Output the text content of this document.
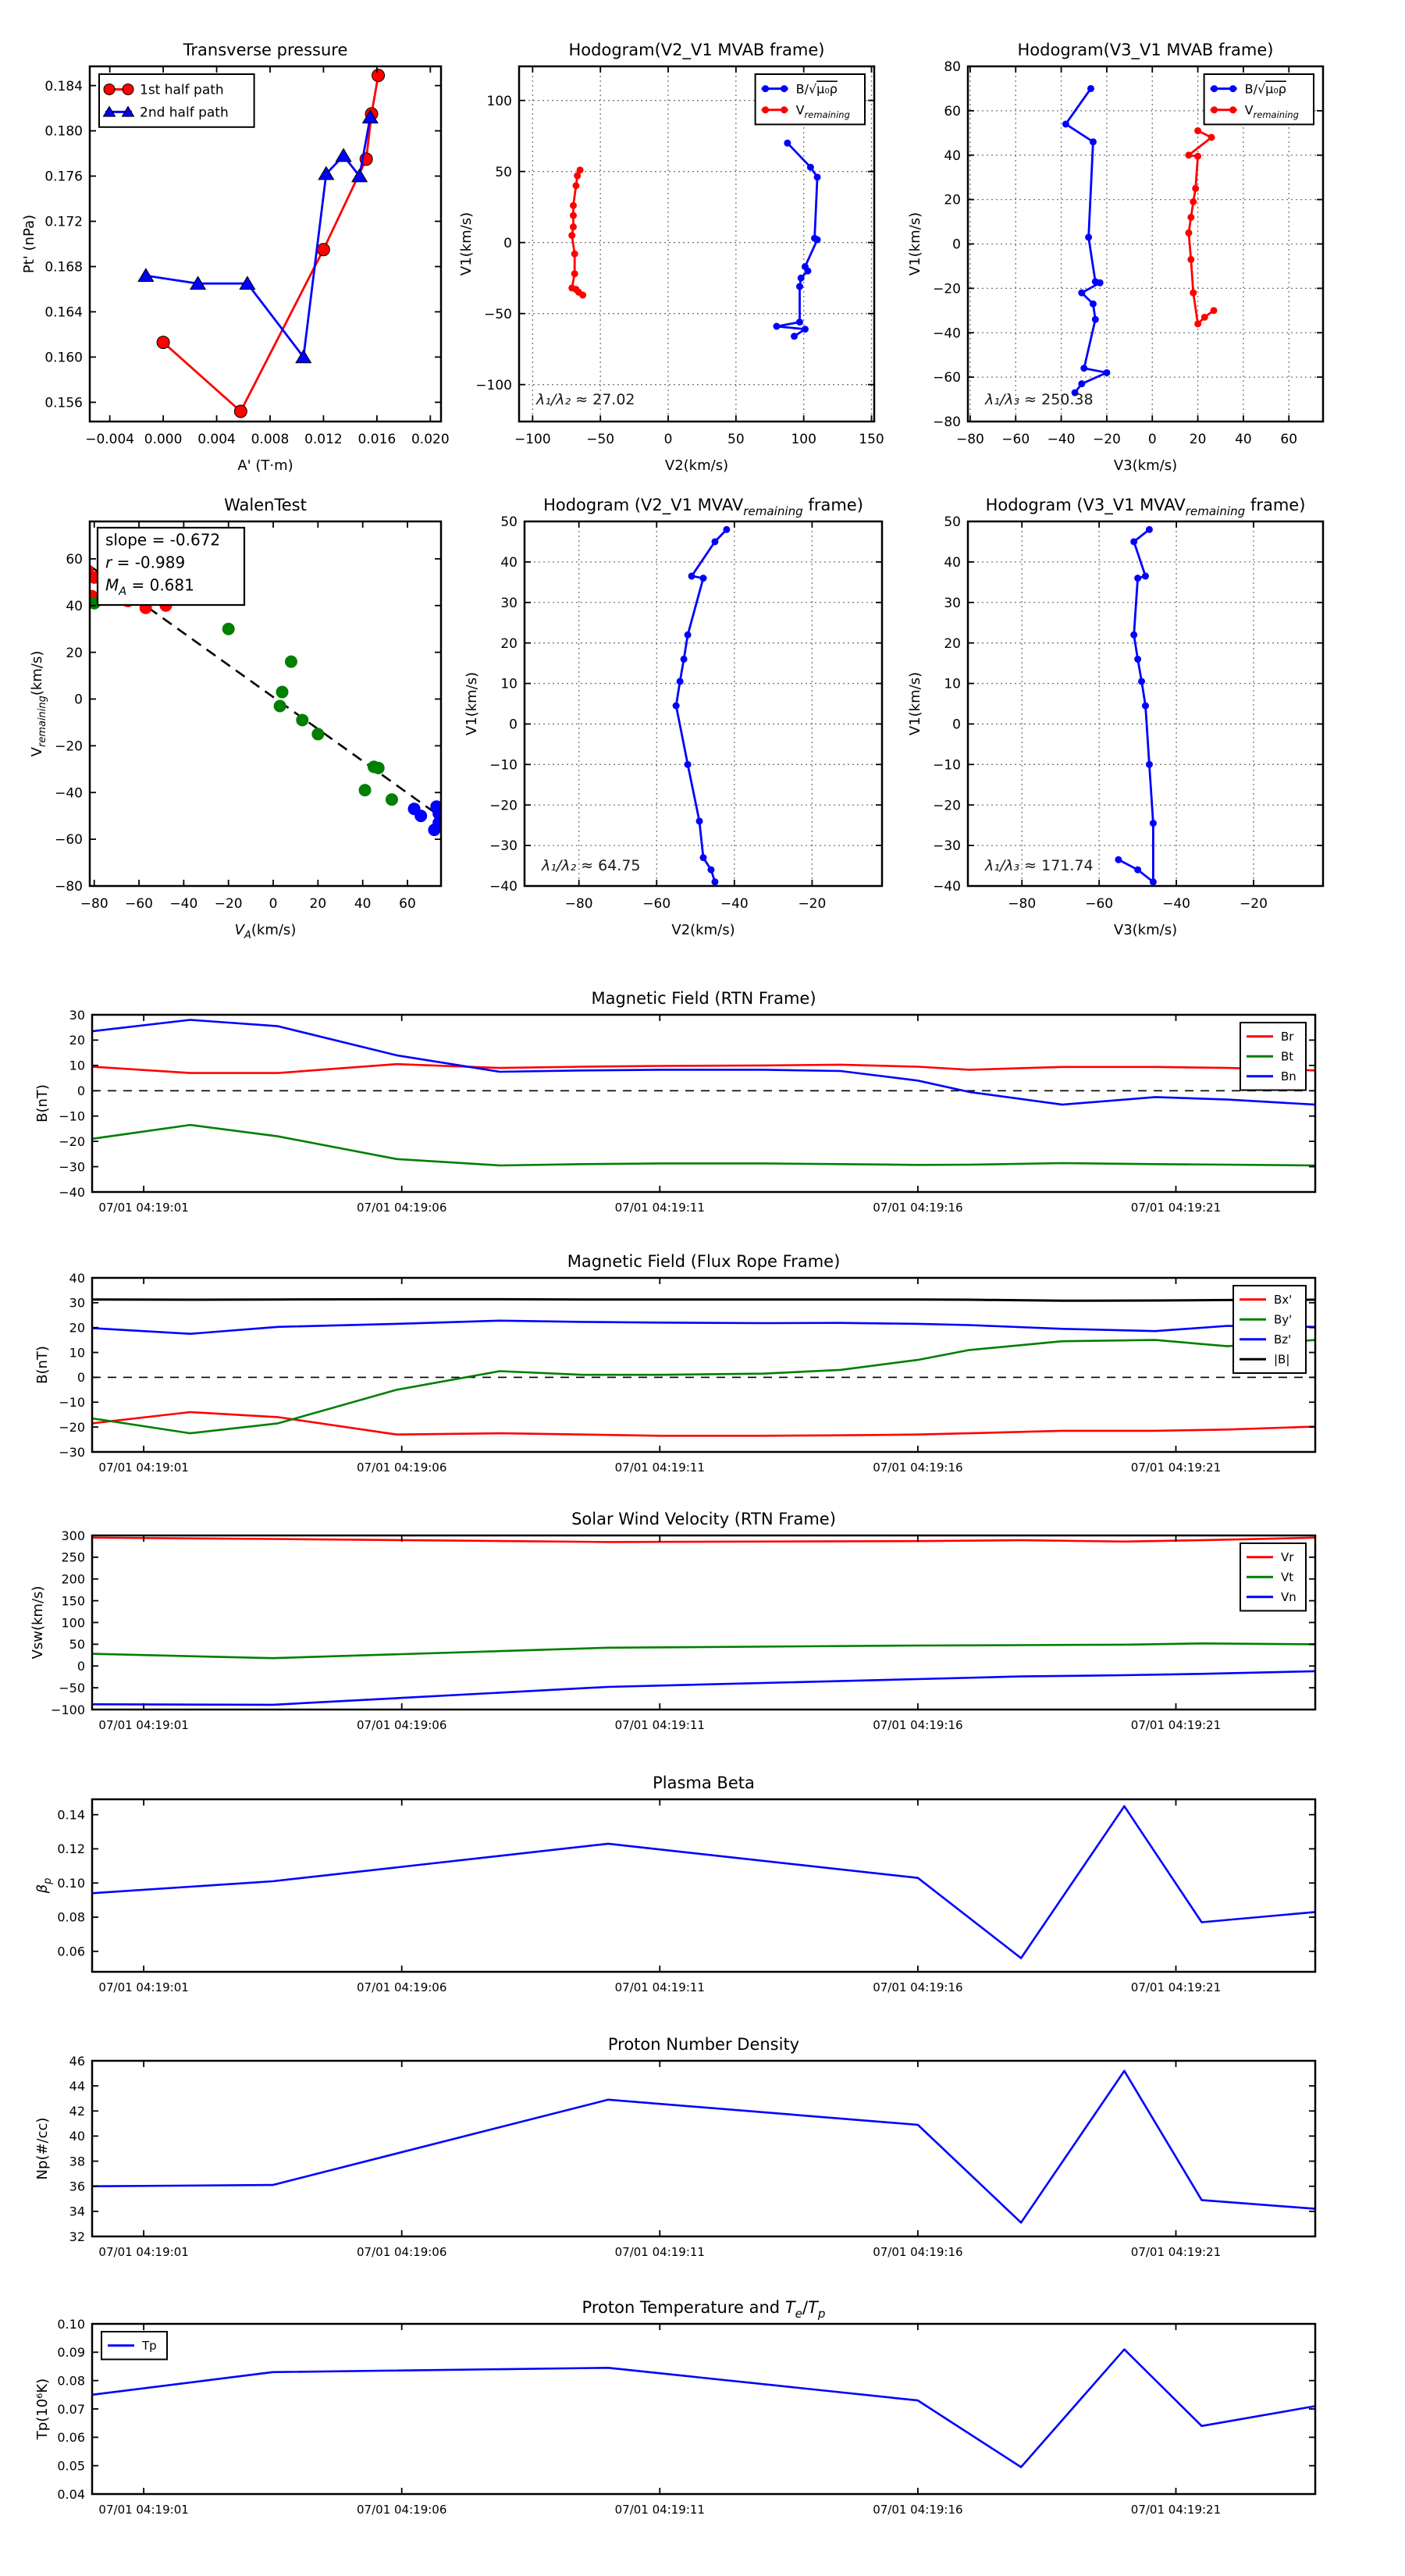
−0.004 0.000 0.004 0.008 0.012 0.016 0.020
0.156
0.160
0.164
0.168
0.172
0.176
0.180
0.184
Transverse pressure
A' (T·m)
Pt' (nPa)
1st half path
2nd half path
−100	−50	0	50	100	150
−100
−50
0
50
100
Hodogram(V2_V1 MVAB frame)
V2(km/s)
V1(km/s)
B/√μ₀ρ
$V_{remaining}$
λ₁/λ₂ ≈ 27.02
−80 −60 −40 −20 0 20 40 60
−80
−60
−40
−20
0
20
40
60
80
Hodogram(V3_V1 MVAB frame)
V3(km/s)
V1(km/s)
B/√μ₀ρ
$V_{remaining}$
λ₁/λ₃ ≈ 250.38
−80 −60 −40 −20 0 20 40 60
−80
−60
−40
−20
0
20
40
60
WalenTest
$V_A(km/s)$
$V_{remaining}(km/s)$
slope = -0.672
r = -0.989
$M_A = 0.681$
−80	−60	−40	−20
−40
−30
−20
−10
0
10
20
30
40
50
Hodogram (V2_V1 $MVAV_{remaining}$ frame)
V2(km/s)
V1(km/s)
λ₁/λ₂ ≈ 64.75
−80	−60	−40	−20
−40
−30
−20
−10
0
10
20
30
40
50
Hodogram (V3_V1 $MVAV_{remaining}$ frame)
V3(km/s)
V1(km/s)
λ₁/λ₃ ≈ 171.74
07/01 04:19:01	07/01 04:19:06	07/01 04:19:11	07/01 04:19:16	07/01 04:19:21
−40
−30
−20
−10
0
10
20
30
Magnetic Field (RTN Frame)
B(nT)
Br
Bt
Bn
07/01 04:19:01	07/01 04:19:06	07/01 04:19:11	07/01 04:19:16	07/01 04:19:21
−30
−20
−10
0
10
20
30
40
Magnetic Field (Flux Rope Frame)
B(nT)
Bx'
By'
Bz'
|B|
07/01 04:19:01	07/01 04:19:06	07/01 04:19:11	07/01 04:19:16	07/01 04:19:21
−100
−50
0
50
100
150
200
250
300
Solar Wind Velocity (RTN Frame)
Vsw(km/s)
Vr
Vt
Vn
07/01 04:19:01	07/01 04:19:06	07/01 04:19:11	07/01 04:19:16	07/01 04:19:21
0.06
0.08
0.10
0.12
0.14
Plasma Beta
$\beta_p$
07/01 04:19:01	07/01 04:19:06	07/01 04:19:11	07/01 04:19:16	07/01 04:19:21
32
34
36
38
40
42
44
46
Proton Number Density
Np(#/cc)
07/01 04:19:01	07/01 04:19:06	07/01 04:19:11	07/01 04:19:16	07/01 04:19:21
0.04
0.05
0.06
0.07
0.08
0.09
0.10
Proton Temperature and $T_e/T_p$
Tp(10⁶K)
Tp
